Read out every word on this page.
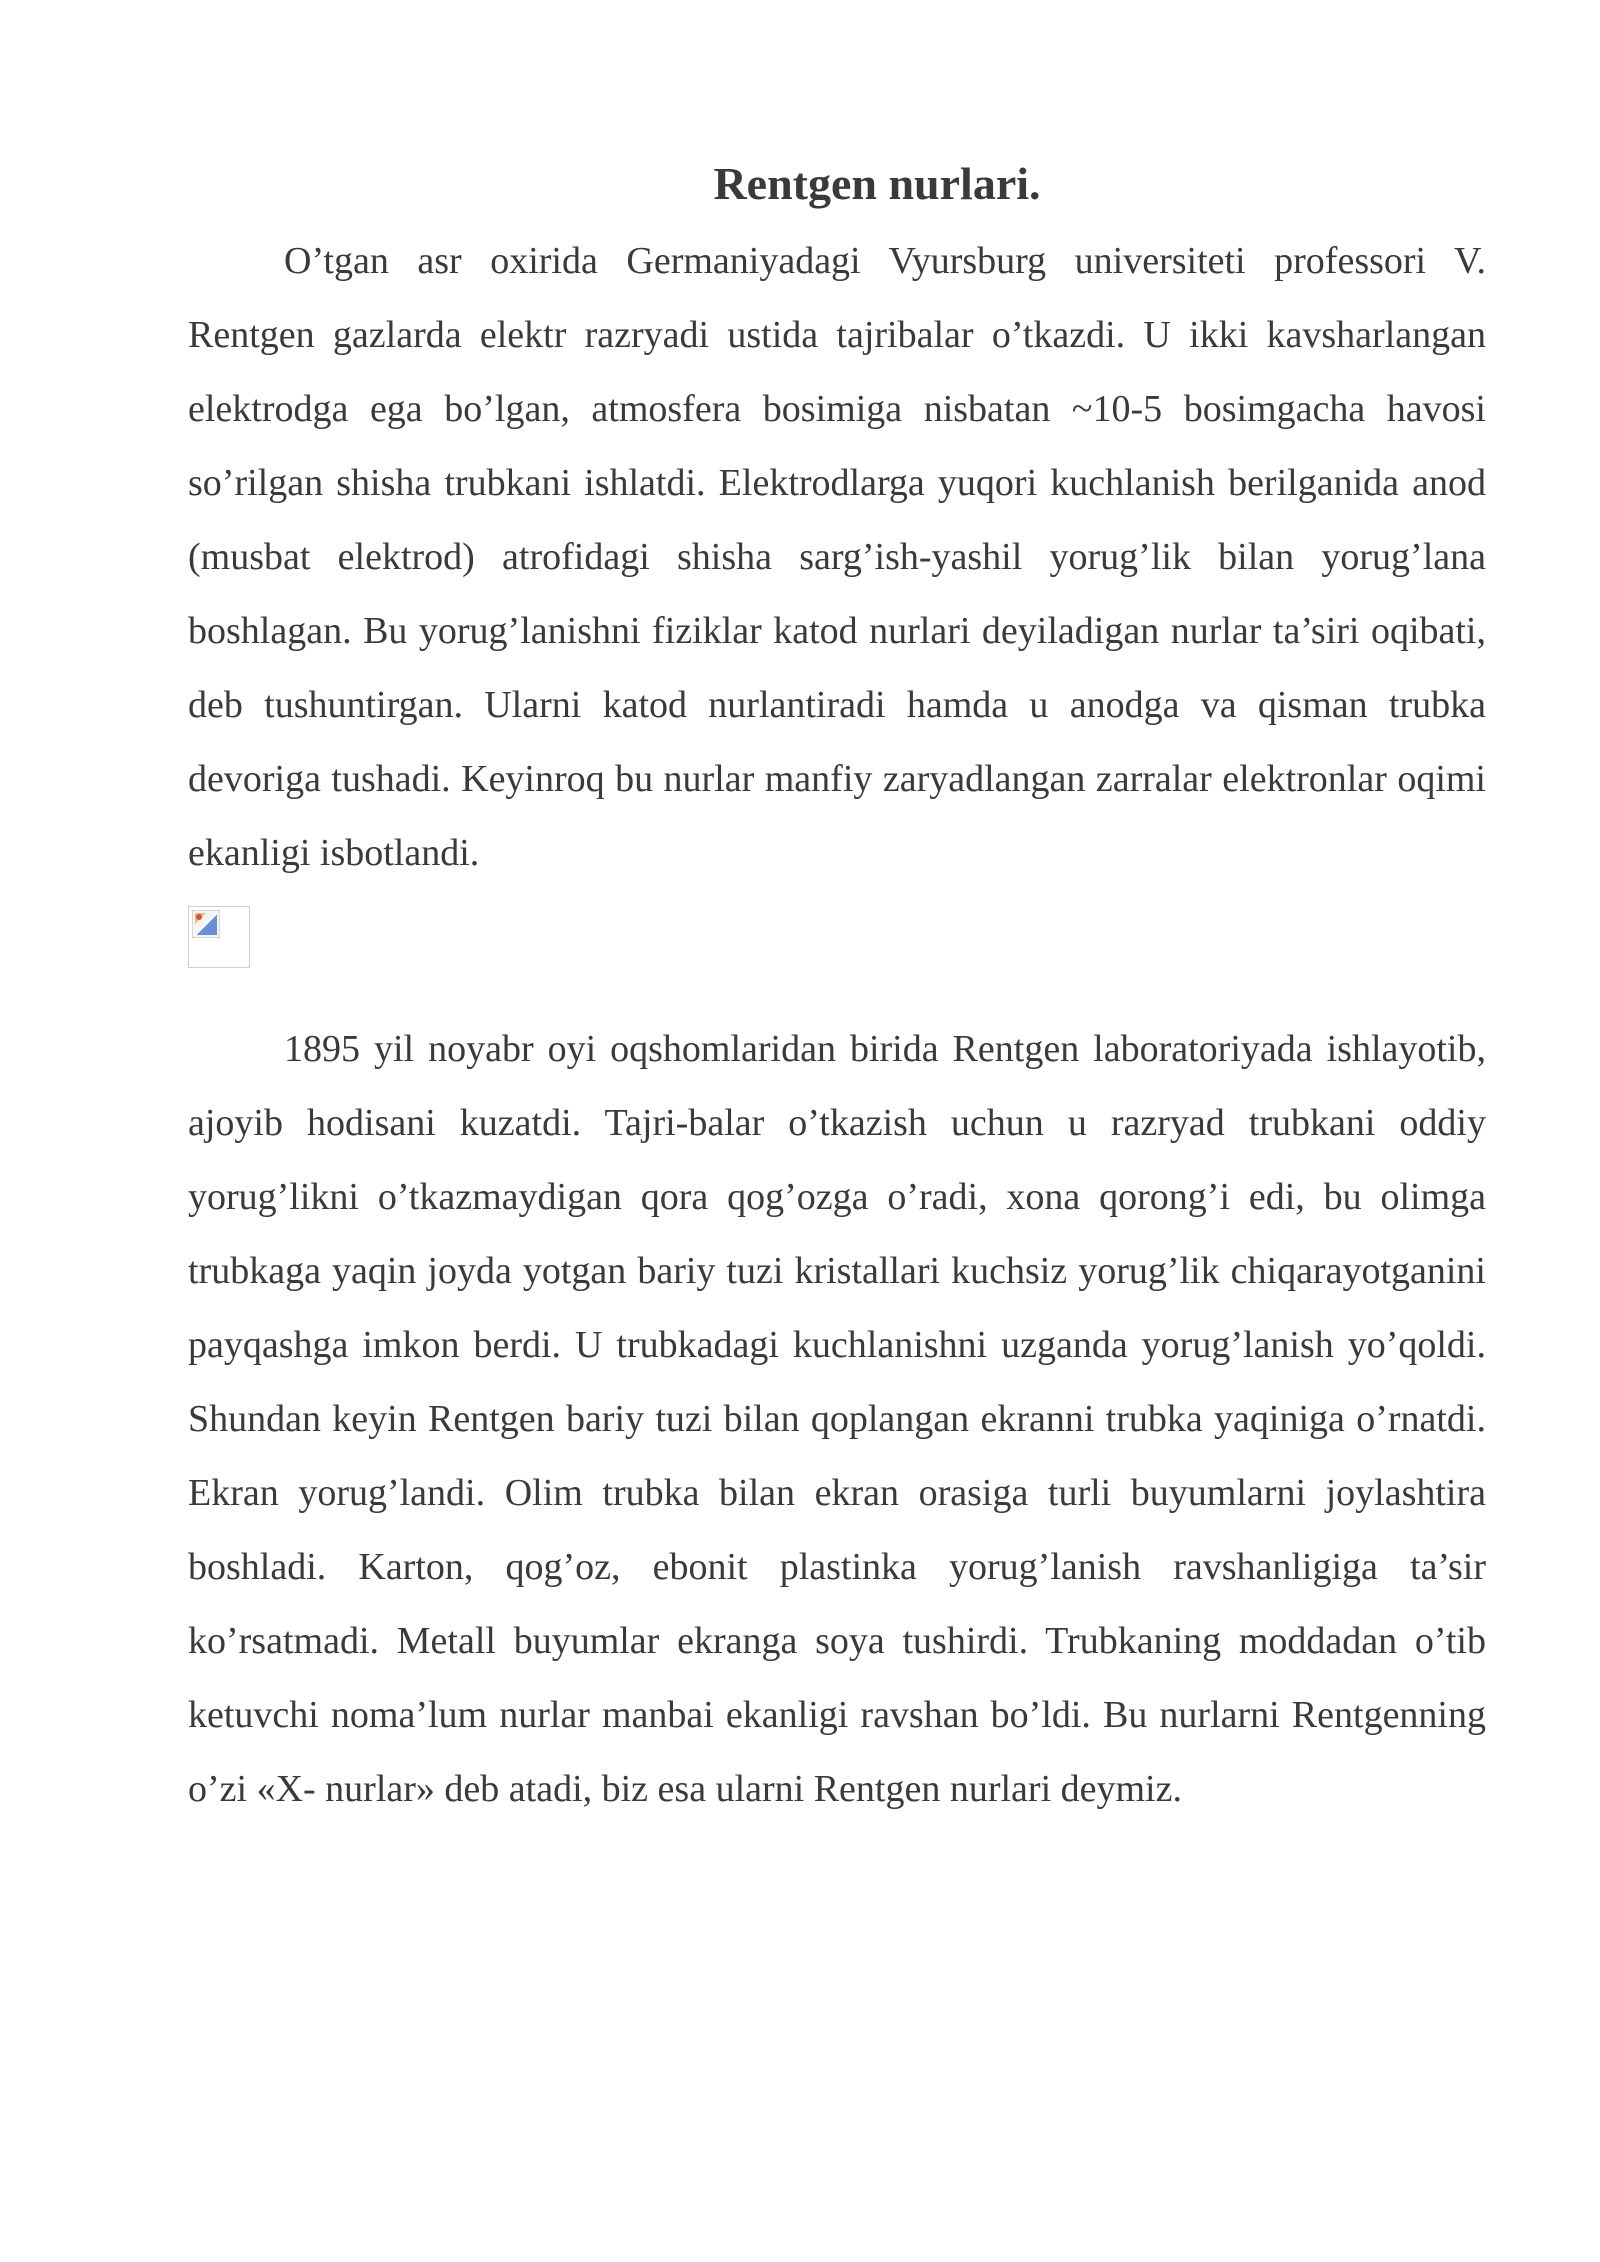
Rentgen nurlari.

O’tgan asr oxirida Germaniyadagi Vyursburg universiteti professori V. Rentgen gazlarda elektr razryadi ustida tajribalar o’tkazdi. U ikki kavsharlangan elektrodga ega bo’lgan, atmosfera bosimiga nisbatan ~10-5 bosimgacha havosi so’rilgan shisha trubkani ishlatdi. Elektrodlarga yuqori kuchlanish berilganida anod (musbat elektrod) atrofidagi shisha sarg’ish-yashil yorug’lik bilan yorug’lana boshlagan. Bu yorug’lanishni fiziklar katod nurlari deyiladigan nurlar ta’siri oqibati, deb tushuntirgan. Ularni katod nurlantiradi hamda u anodga va qisman trubka devoriga tushadi. Keyinroq bu nurlar manfiy zaryadlangan zarralar elektronlar oqimi ekanligi isbotlandi.

1895 yil noyabr oyi oqshomlaridan birida Rentgen laboratoriyada ishlayotib, ajoyib hodisani kuzatdi. Tajri-balar o’tkazish uchun u razryad trubkani oddiy yorug’likni o’tkazmaydigan qora qog’ozga o’radi, xona qorong’i edi, bu olimga trubkaga yaqin joyda yotgan bariy tuzi kristallari kuchsiz yorug’lik chiqarayotganini payqashga imkon berdi. U trubkadagi kuchlanishni uzganda yorug’lanish yo’qoldi. Shundan keyin Rentgen bariy tuzi bilan qoplangan ekranni trubka yaqiniga o’rnatdi. Ekran yorug’landi. Olim trubka bilan ekran orasiga turli buyumlarni joylashtira boshladi. Karton, qog’oz, ebonit plastinka yorug’lanish ravshanligiga ta’sir ko’rsatmadi. Metall buyumlar ekranga soya tushirdi. Trubkaning moddadan o’tib ketuvchi noma’lum nurlar manbai ekanligi ravshan bo’ldi. Bu nurlarni Rentgenning o’zi «X- nurlar» deb atadi, biz esa ularni Rentgen nurlari deymiz.
